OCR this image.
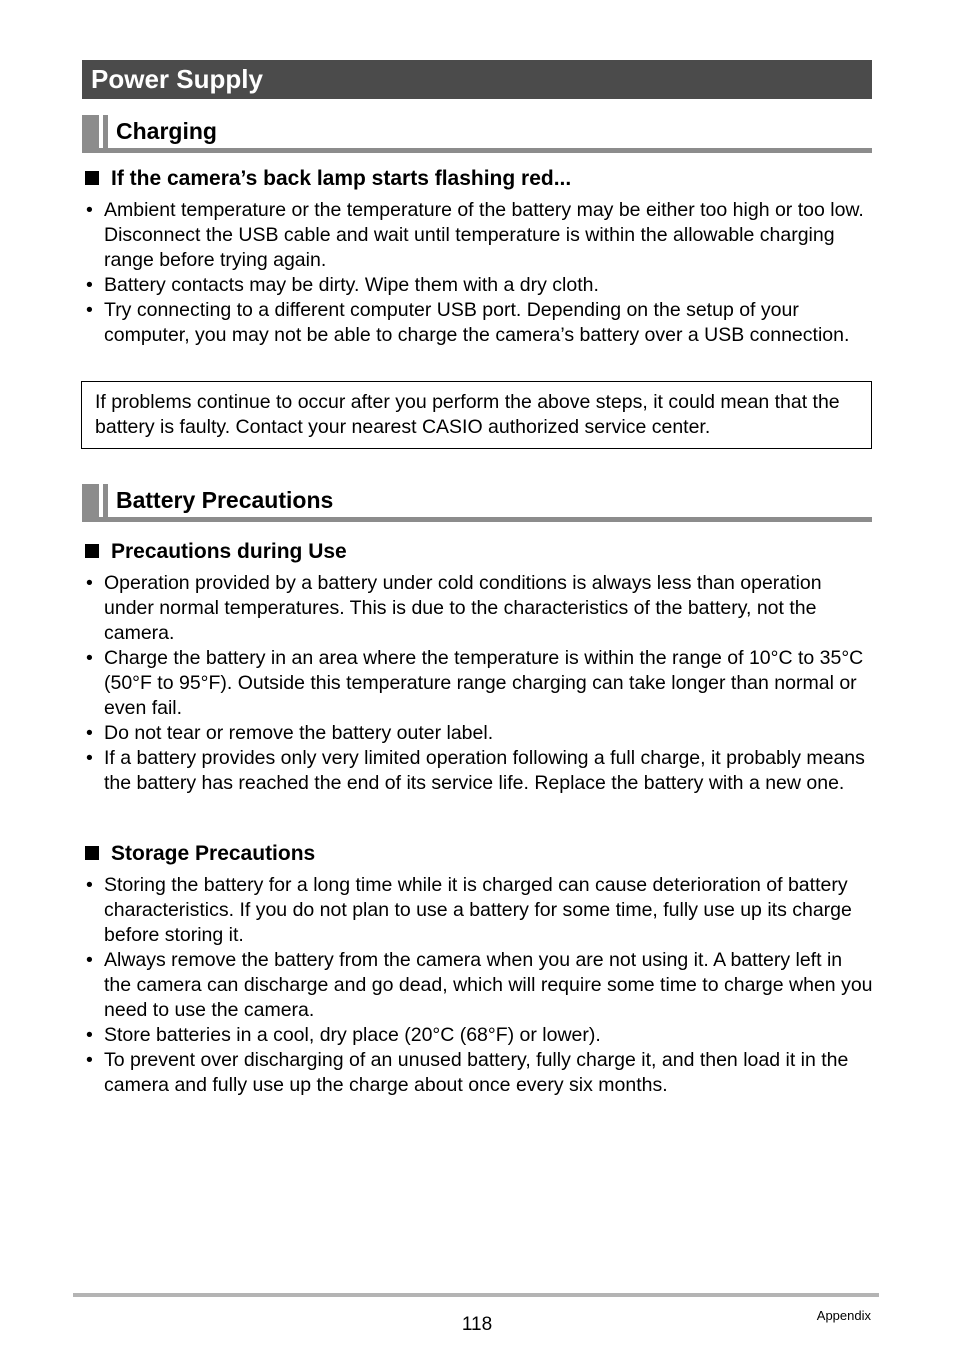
Power Supply
Charging
If the camera’s back lamp starts flashing red...
• Ambient temperature or the temperature of the battery may be either too high or too low. Disconnect the USB cable and wait until temperature is within the allowable charging range before trying again.
• Battery contacts may be dirty. Wipe them with a dry cloth.
• Try connecting to a different computer USB port. Depending on the setup of your computer, you may not be able to charge the camera’s battery over a USB connection.
If problems continue to occur after you perform the above steps, it could mean that the battery is faulty. Contact your nearest CASIO authorized service center.
Battery Precautions
Precautions during Use
• Operation provided by a battery under cold conditions is always less than operation under normal temperatures. This is due to the characteristics of the battery, not the camera.
• Charge the battery in an area where the temperature is within the range of 10°C to 35°C (50°F to 95°F). Outside this temperature range charging can take longer than normal or even fail.
• Do not tear or remove the battery outer label.
• If a battery provides only very limited operation following a full charge, it probably means the battery has reached the end of its service life. Replace the battery with a new one.
Storage Precautions
• Storing the battery for a long time while it is charged can cause deterioration of battery characteristics. If you do not plan to use a battery for some time, fully use up its charge before storing it.
• Always remove the battery from the camera when you are not using it. A battery left in the camera can discharge and go dead, which will require some time to charge when you need to use the camera.
• Store batteries in a cool, dry place (20°C (68°F) or lower).
• To prevent over discharging of an unused battery, fully charge it, and then load it in the camera and fully use up the charge about once every six months.
118	Appendix
